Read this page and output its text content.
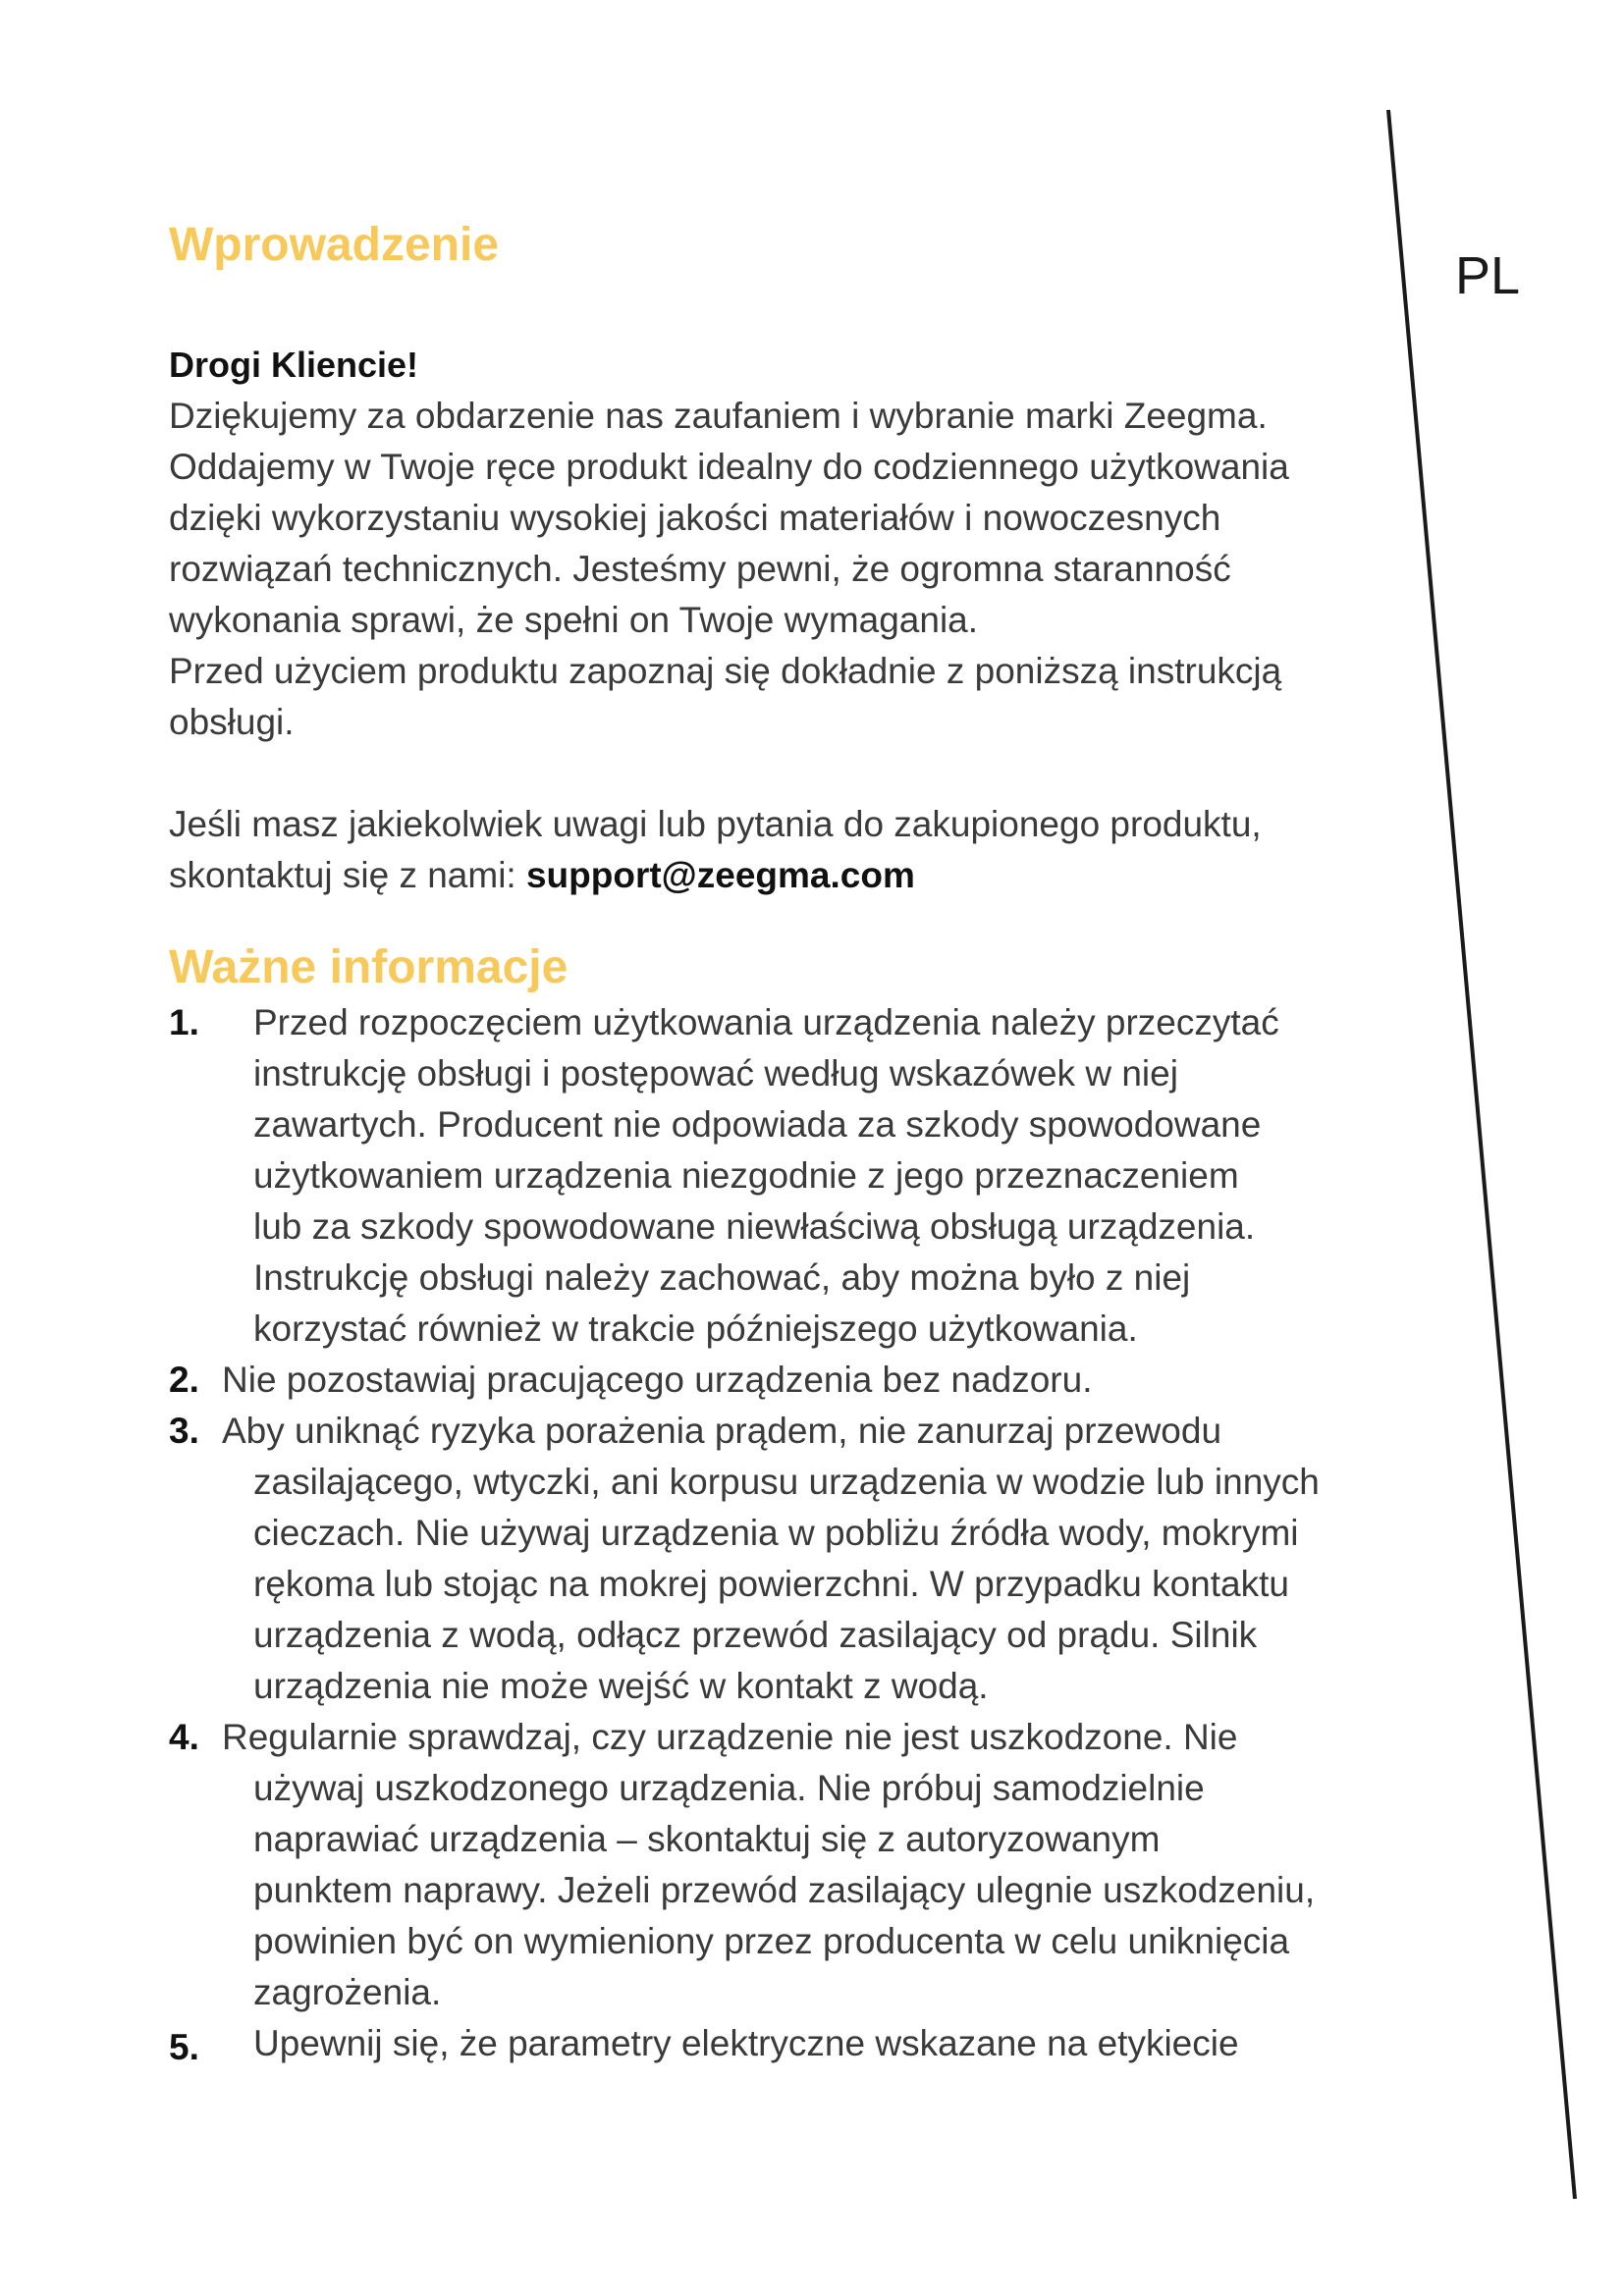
PL
Wprowadzenie

Drogi Kliencie!

Dziękujemy za obdarzenie nas zaufaniem i wybranie marki Zeegma.

Oddajemy w Twoje ręce produkt idealny do codziennego użytkowania

dzięki wykorzystaniu wysokiej jakości materiałów i nowoczesnych

rozwiązań technicznych. Jesteśmy pewni, że ogromna staranność

wykonania sprawi, że spełni on Twoje wymagania.

Przed użyciem produktu zapoznaj się dokładnie z poniższą instrukcją

obsługi.

Jeśli masz jakiekolwiek uwagi lub pytania do zakupionego produktu,

skontaktuj się z nami: support@zeegma.com

Ważne informacje
1.	Przed rozpoczęciem użytkowania urządzenia należy przeczytać
instrukcję obsługi i postępować według wskazówek w niej
zawartych. Producent nie odpowiada za szkody spowodowane
użytkowaniem urządzenia niezgodnie z jego przeznaczeniem
lub za szkody spowodowane niewłaściwą obsługą urządzenia.
Instrukcję obsługi należy zachować, aby można było z niej
korzystać również w trakcie późniejszego użytkowania.
2. Nie pozostawiaj pracującego urządzenia bez nadzoru.
3. Aby uniknąć ryzyka porażenia prądem, nie zanurzaj przewodu
zasilającego, wtyczki, ani korpusu urządzenia w wodzie lub innych
cieczach. Nie używaj urządzenia w pobliżu źródła wody, mokrymi
rękoma lub stojąc na mokrej powierzchni. W przypadku kontaktu
urządzenia z wodą, odłącz przewód zasilający od prądu. Silnik
urządzenia nie może wejść w kontakt z wodą.
4. Regularnie sprawdzaj, czy urządzenie nie jest uszkodzone. Nie
używaj uszkodzonego urządzenia. Nie próbuj samodzielnie
naprawiać urządzenia – skontaktuj się z autoryzowanym
punktem naprawy. Jeżeli przewód zasilający ulegnie uszkodzeniu,
powinien być on wymieniony przez producenta w celu uniknięcia
zagrożenia.
5.	Upewnij się, że parametry elektryczne wskazane na etykiecie
